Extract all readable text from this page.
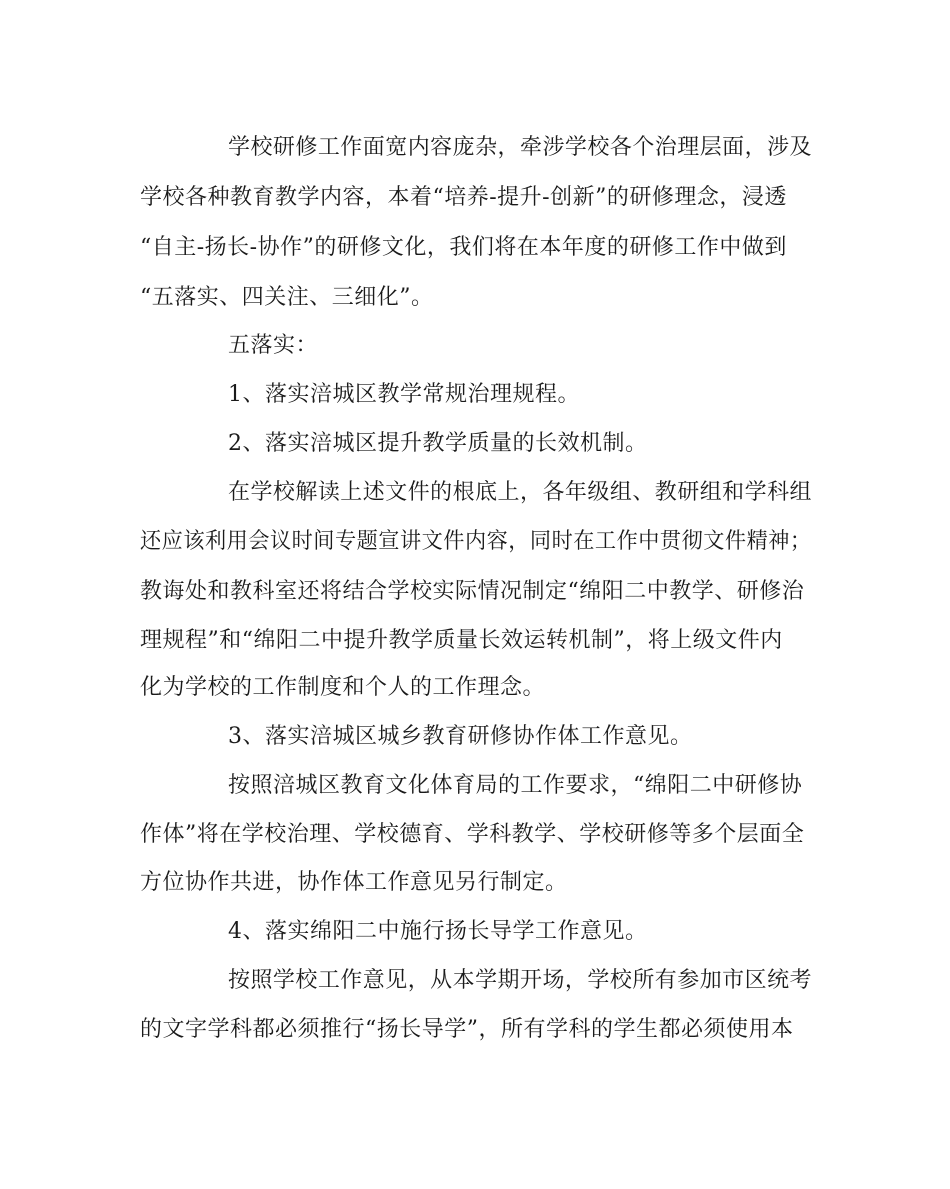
学校研修工作面宽内容庞杂，牵涉学校各个治理层面，涉及
学校各种教育教学内容，本着“培养-提升-创新”的研修理念，浸透
“自主-扬长-协作”的研修文化，我们将在本年度的研修工作中做到
“五落实、四关注、三细化”。
五落实：
1、落实涪城区教学常规治理规程。
2、落实涪城区提升教学质量的长效机制。
在学校解读上述文件的根底上，各年级组、教研组和学科组
还应该利用会议时间专题宣讲文件内容，同时在工作中贯彻文件精神；
教诲处和教科室还将结合学校实际情况制定“绵阳二中教学、研修治
理规程”和“绵阳二中提升教学质量长效运转机制”，将上级文件内
化为学校的工作制度和个人的工作理念。
3、落实涪城区城乡教育研修协作体工作意见。
按照涪城区教育文化体育局的工作要求，“绵阳二中研修协
作体”将在学校治理、学校德育、学科教学、学校研修等多个层面全
方位协作共进，协作体工作意见另行制定。
4、落实绵阳二中施行扬长导学工作意见。
按照学校工作意见，从本学期开场，学校所有参加市区统考
的文字学科都必须推行“扬长导学”，所有学科的学生都必须使用本
